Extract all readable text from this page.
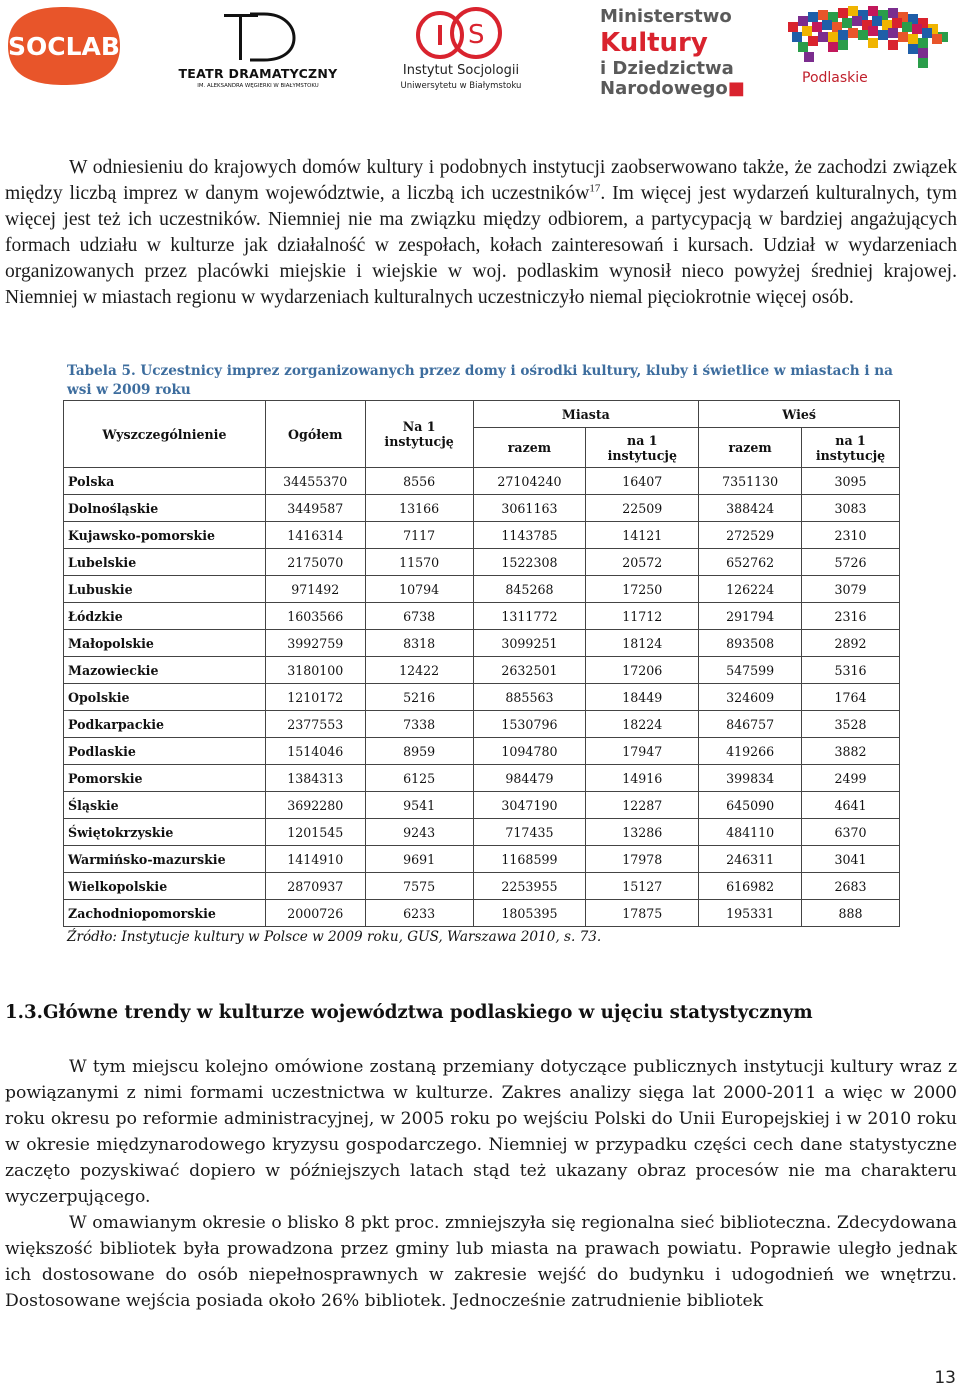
SOCLAB
TEATR DRAMATYCZNY
IM. ALEKSANDRA WĘGIERKI W BIAŁYMSTOKU
S
Instytut Socjologii
Uniwersytetu w Białymstoku
Ministerstwo
Kultury
i Dziedzictwa
Narodowego■	Podlaskie

W odniesieniu do krajowych domów kultury i podobnych instytucji zaobserwowano także, że zachodzi związek między liczbą imprez w danym województwie, a liczbą ich uczestników$^{17}$. Im więcej jest wydarzeń kulturalnych, tym więcej jest też ich uczestników. Niemniej nie ma związku między odbiorem, a partycypacją w bardziej angażujących formach udziału w kulturze jak działalność w zespołach, kołach zainteresowań i kursach. Udział w wydarzeniach organizowanych przez placówki miejskie i wiejskie w woj. podlaskim wynosił nieco powyżej średniej krajowej. Niemniej w miastach regionu w wydarzeniach kulturalnych uczestniczyło niemal pięciokrotnie więcej osób.

Tabela 5. Uczestnicy imprez zorganizowanych przez domy i ośrodki kultury, kluby i świetlice w miastach i na wsi w 2009 roku

Wyszczególnienie	Ogółem	Na 1 instytucję	Miasta		Wieś	
			razem	na 1 instytucję	razem	na 1 instytucję
Polska	34455370	8556	27104240	16407	7351130	3095
Dolnośląskie	3449587	13166	3061163	22509	388424	3083
Kujawsko-pomorskie	1416314	7117	1143785	14121	272529	2310
Lubelskie	2175070	11570	1522308	20572	652762	5726
Lubuskie	971492	10794	845268	17250	126224	3079
Łódzkie	1603566	6738	1311772	11712	291794	2316
Małopolskie	3992759	8318	3099251	18124	893508	2892
Mazowieckie	3180100	12422	2632501	17206	547599	5316
Opolskie	1210172	5216	885563	18449	324609	1764
Podkarpackie	2377553	7338	1530796	18224	846757	3528
Podlaskie	1514046	8959	1094780	17947	419266	3882
Pomorskie	1384313	6125	984479	14916	399834	2499
Śląskie	3692280	9541	3047190	12287	645090	4641
Świętokrzyskie	1201545	9243	717435	13286	484110	6370
Warmińsko-mazurskie	1414910	9691	1168599	17978	246311	3041
Wielkopolskie	2870937	7575	2253955	15127	616982	2683
Zachodniopomorskie	2000726	6233	1805395	17875	195331	888

Źródło: Instytucje kultury w Polsce w 2009 roku, GUS, Warszawa 2010, s. 73.

1.3.Główne trendy w kulturze województwa podlaskiego w ujęciu statystycznym

W tym miejscu kolejno omówione zostaną przemiany dotyczące publicznych instytucji kultury wraz z powiązanymi z nimi formami uczestnictwa w kulturze. Zakres analizy sięga lat 2000-2011 a więc w 2000 roku okresu po reformie administracyjnej, w 2005 roku po wejściu Polski do Unii Europejskiej i w 2010 roku w okresie międzynarodowego kryzysu gospodarczego. Niemniej w przypadku części cech dane statystyczne zaczęto pozyskiwać dopiero w późniejszych latach stąd też ukazany obraz procesów nie ma charakteru wyczerpującego.

W omawianym okresie o blisko 8 pkt proc. zmniejszyła się regionalna sieć biblioteczna. Zdecydowana większość bibliotek była prowadzona przez gminy lub miasta na prawach powiatu. Poprawie uległo jednak ich dostosowane do osób niepełnosprawnych w zakresie wejść do budynku i udogodnień we wnętrzu. Dostosowane wejścia posiada około 26% bibliotek. Jednocześnie zatrudnienie bibliotek

13
